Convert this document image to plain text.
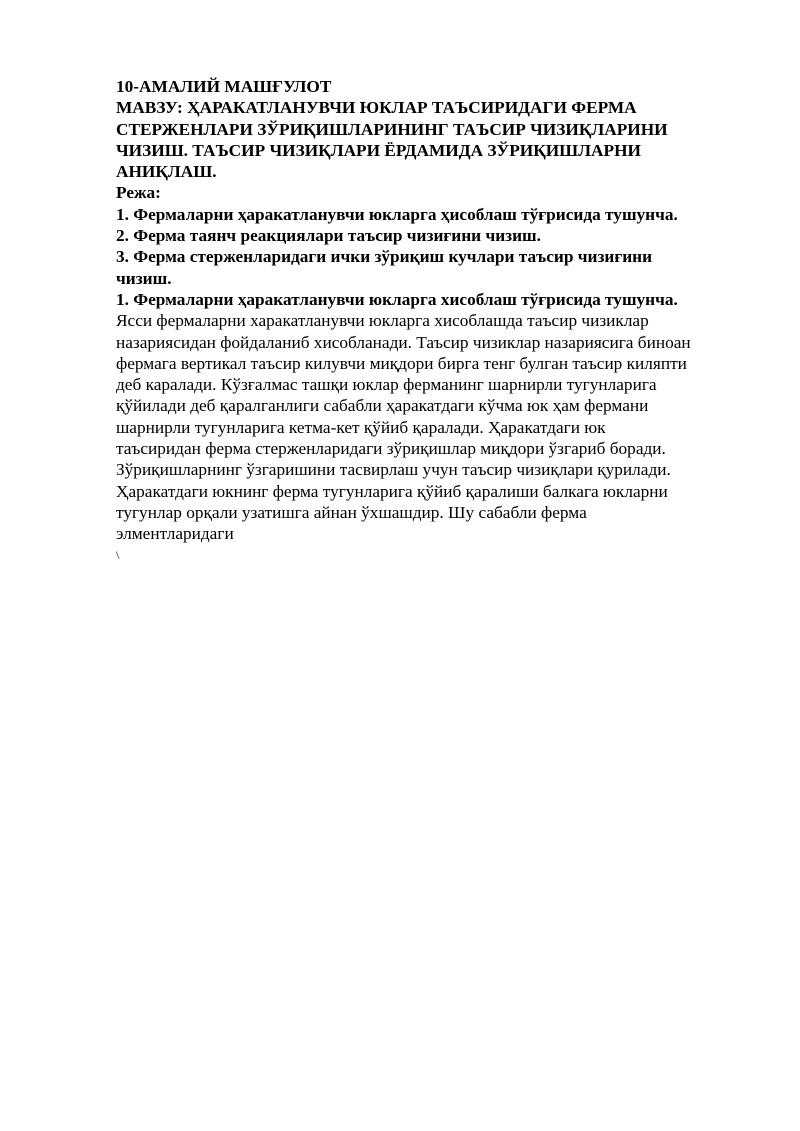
10-АМАЛИЙ МАШҒУЛОТ

МАВЗУ: ҲАРАКАТЛАНУВЧИ ЮКЛАР ТАЪСИРИДАГИ ФЕРМА

СТЕРЖЕНЛАРИ ЗЎРИҚИШЛАРИНИНГ ТАЪСИР ЧИЗИҚЛАРИНИ

ЧИЗИШ. ТАЪСИР ЧИЗИҚЛАРИ ЁРДАМИДА ЗЎРИҚИШЛАРНИ

АНИҚЛАШ.

Режа:

1. Фермаларни ҳаракатланувчи юкларга ҳисоблаш тўғрисида тушунча.

2. Ферма таянч реакциялари таъсир чизиғини чизиш.

3. Ферма стерженларидаги ички зўриқиш кучлари таъсир чизиғини

чизиш.

1. Фермаларни ҳаракатланувчи юкларга хисоблаш тўғрисида тушунча.

Ясси фермаларни харакатланувчи юкларга хисоблашда таъсир чизиклар

назариясидан фойдаланиб хисобланади. Таъсир чизиклар назариясига биноан

фермага вертикал таъсир килувчи миқдори бирга тенг булган таъсир киляпти

деб каралади. Кўзғалмас ташқи юклар ферманинг шарнирли тугунларига

қўйилади деб қаралганлиги сабабли ҳаракатдаги кўчма юк ҳам фермани

шарнирли тугунларига кетма-кет қўйиб қаралади. Ҳаракатдаги юк

таъсиридан ферма стерженларидаги зўриқишлар миқдори ўзгариб боради.

Зўриқишларнинг ўзгаришини тасвирлаш учун таъсир чизиқлари қурилади.

Ҳаракатдаги юкнинг ферма тугунларига қўйиб қаралиши балкага юкларни

тугунлар орқали узатишга айнан ўхшашдир. Шу сабабли ферма

элментларидаги

\
